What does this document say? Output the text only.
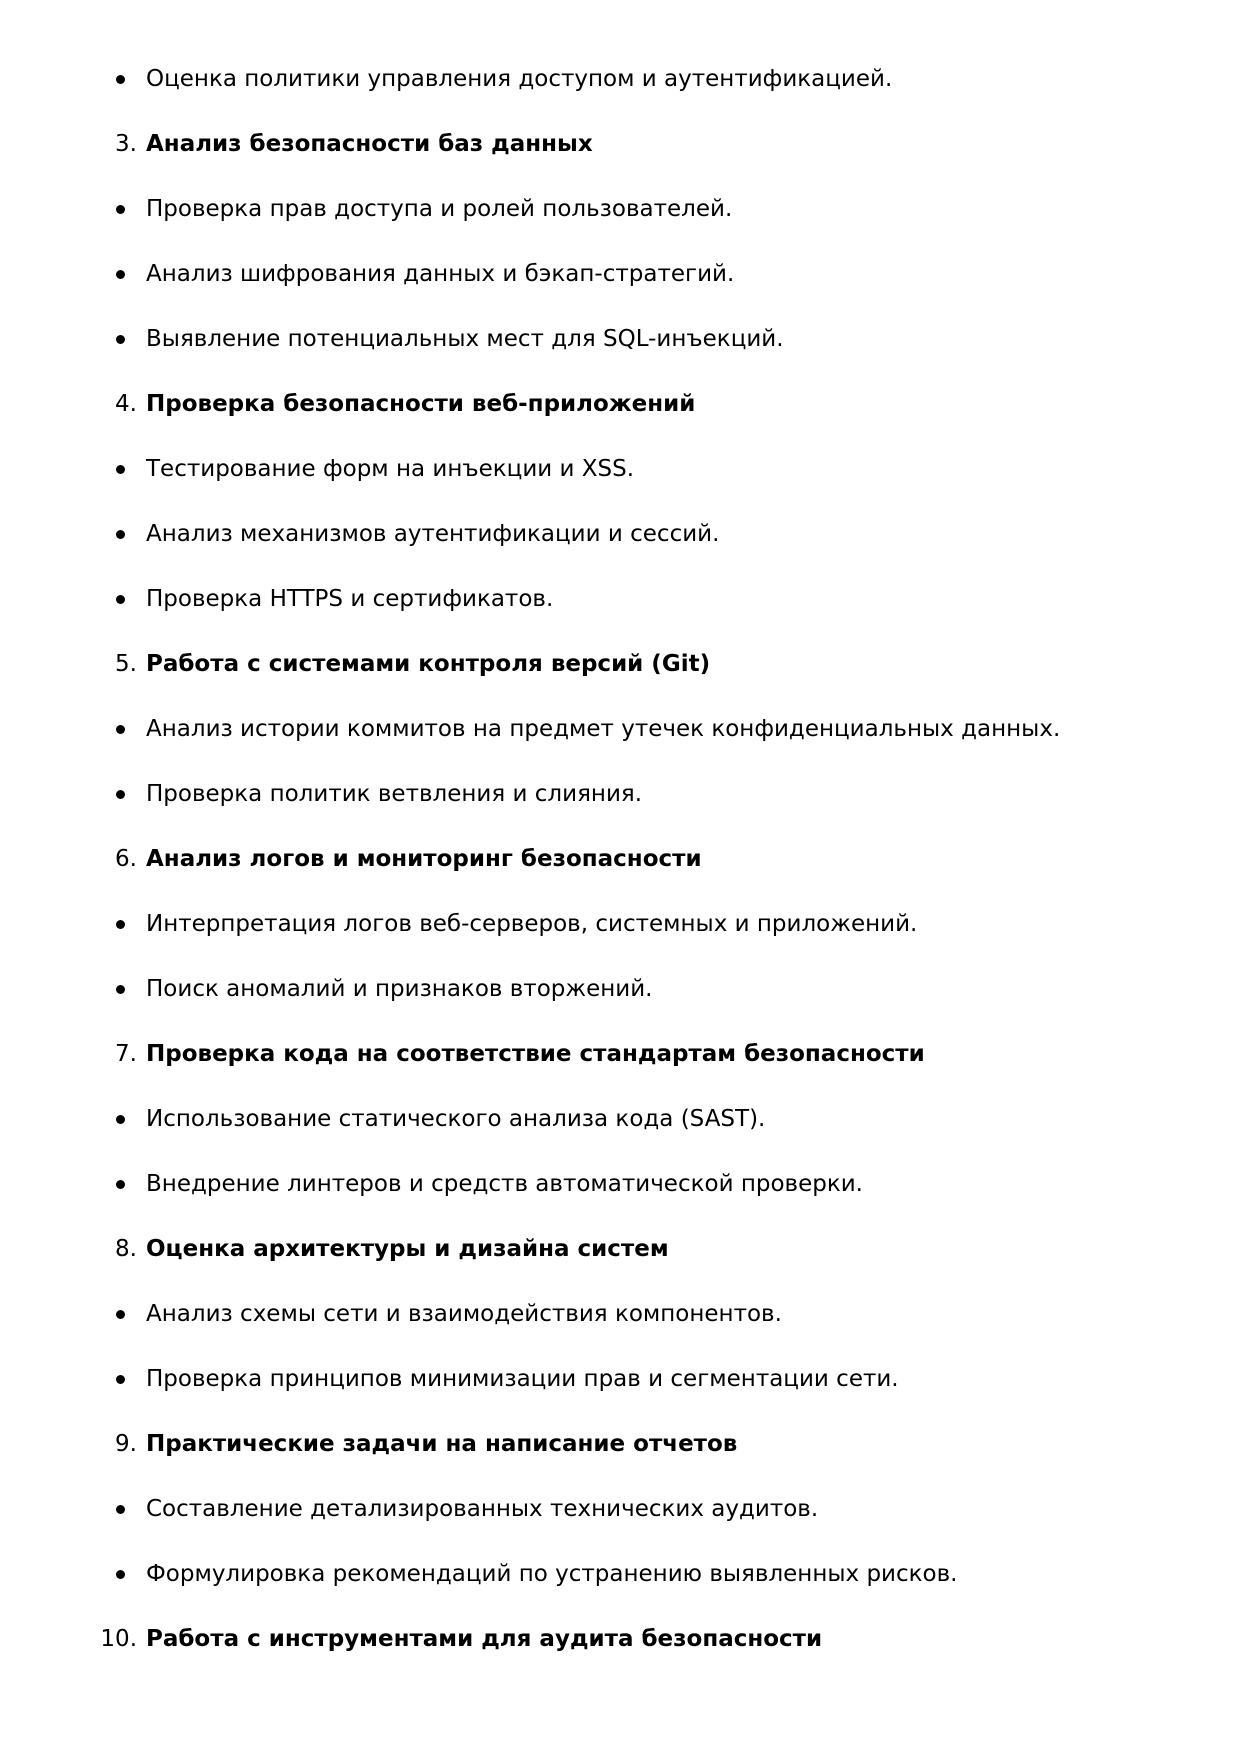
Оценка политики управления доступом и аутентификацией.
3. Анализ безопасности баз данных
Проверка прав доступа и ролей пользователей.
Анализ шифрования данных и бэкап-стратегий.
Выявление потенциальных мест для SQL-инъекций.
4. Проверка безопасности веб-приложений
Тестирование форм на инъекции и XSS.
Анализ механизмов аутентификации и сессий.
Проверка HTTPS и сертификатов.
5. Работа с системами контроля версий (Git)
Анализ истории коммитов на предмет утечек конфиденциальных данных.
Проверка политик ветвления и слияния.
6. Анализ логов и мониторинг безопасности
Интерпретация логов веб-серверов, системных и приложений.
Поиск аномалий и признаков вторжений.
7. Проверка кода на соответствие стандартам безопасности
Использование статического анализа кода (SAST).
Внедрение линтеров и средств автоматической проверки.
8. Оценка архитектуры и дизайна систем
Анализ схемы сети и взаимодействия компонентов.
Проверка принципов минимизации прав и сегментации сети.
9. Практические задачи на написание отчетов
Составление детализированных технических аудитов.
Формулировка рекомендаций по устранению выявленных рисков.
10. Работа с инструментами для аудита безопасности
